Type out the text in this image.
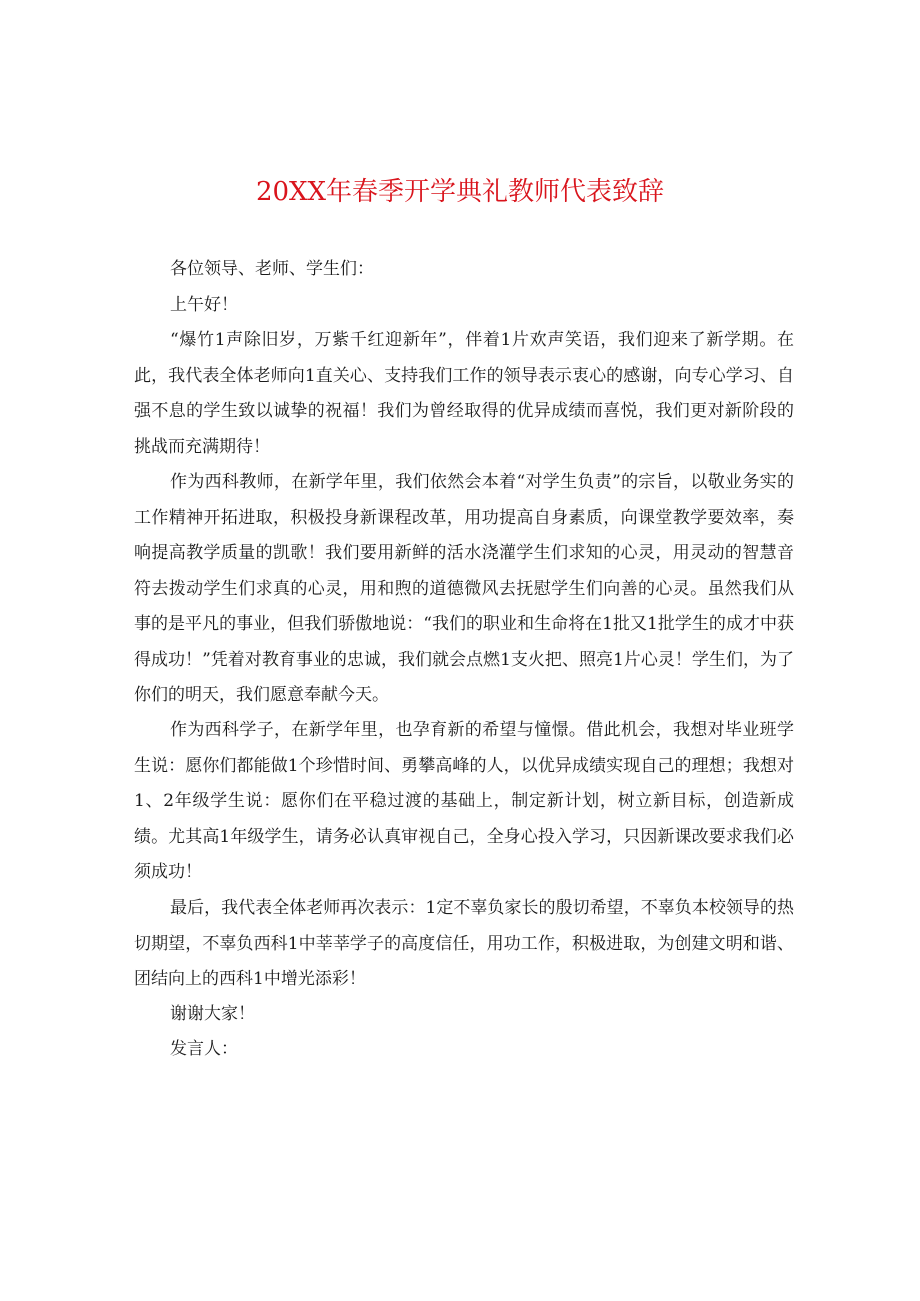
20XX年春季开学典礼教师代表致辞

各位领导、老师、学生们：

上午好！

“爆竹1声除旧岁，万紫千红迎新年”，伴着1片欢声笑语，我们迎来了新学期。在此，我代表全体老师向1直关心、支持我们工作的领导表示衷心的感谢，向专心学习、自强不息的学生致以诚挚的祝福！我们为曾经取得的优异成绩而喜悦，我们更对新阶段的挑战而充满期待！

作为西科教师，在新学年里，我们依然会本着“对学生负责”的宗旨，以敬业务实的工作精神开拓进取，积极投身新课程改革，用功提高自身素质，向课堂教学要效率，奏响提高教学质量的凯歌！我们要用新鲜的活水浇灌学生们求知的心灵，用灵动的智慧音符去拨动学生们求真的心灵，用和煦的道德微风去抚慰学生们向善的心灵。虽然我们从事的是平凡的事业，但我们骄傲地说：“我们的职业和生命将在1批又1批学生的成才中获得成功！”凭着对教育事业的忠诚，我们就会点燃1支火把、照亮1片心灵！学生们，为了你们的明天，我们愿意奉献今天。

作为西科学子，在新学年里，也孕育新的希望与憧憬。借此机会，我想对毕业班学生说：愿你们都能做1个珍惜时间、勇攀高峰的人，以优异成绩实现自己的理想；我想对1、2年级学生说：愿你们在平稳过渡的基础上，制定新计划，树立新目标，创造新成绩。尤其高1年级学生，请务必认真审视自己，全身心投入学习，只因新课改要求我们必须成功！

最后，我代表全体老师再次表示：1定不辜负家长的殷切希望，不辜负本校领导的热切期望，不辜负西科1中莘莘学子的高度信任，用功工作，积极进取，为创建文明和谐、团结向上的西科1中增光添彩！

谢谢大家！

发言人：
